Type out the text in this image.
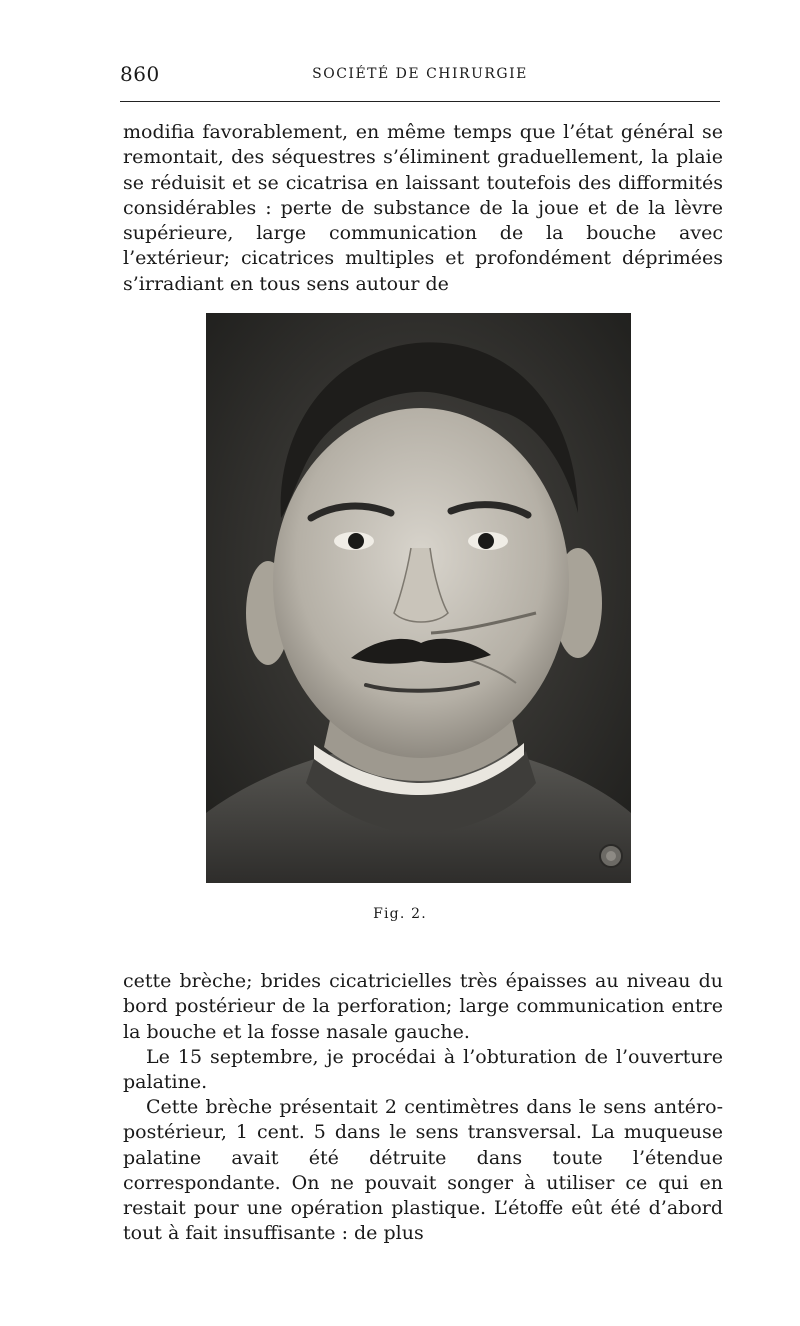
860	SOCIÉTÉ DE CHIRURGIE

modifia favorablement, en même temps que l’état général se remontait, des séquestres s’éliminent graduellement, la plaie se réduisit et se cicatrisa en laissant toutefois des difformités considérables : perte de substance de la joue et de la lèvre supérieure, large communication de la bouche avec l’extérieur; cicatrices multiples et profondément déprimées s’irradiant en tous sens autour de

Fig. 2.

cette brèche; brides cicatricielles très épaisses au niveau du bord postérieur de la perforation; large communication entre la bouche et la fosse nasale gauche.

Le 15 septembre, je procédai à l’obturation de l’ouverture palatine.

Cette brèche présentait 2 centimètres dans le sens antéro-postérieur, 1 cent. 5 dans le sens transversal. La muqueuse palatine avait été détruite dans toute l’étendue correspondante. On ne pouvait songer à utiliser ce qui en restait pour une opération plastique. L’étoffe eût été d’abord tout à fait insuffisante : de plus
